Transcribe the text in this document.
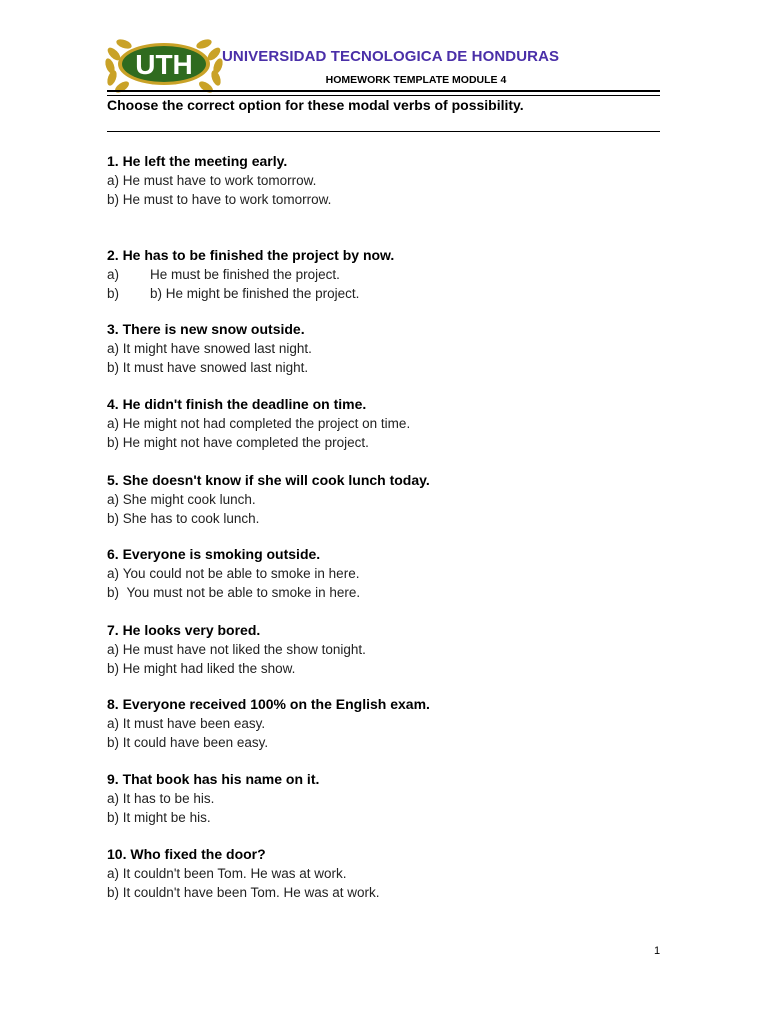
UTH UNIVERSIDAD TECNOLOGICA DE HONDURAS
HOMEWORK TEMPLATE MODULE 4
Choose the correct option for these modal verbs of possibility.
1. He left the meeting early.
a) He must have to work tomorrow.
b) He must to have to work tomorrow.
2. He has to be finished the project by now.
a) He must be finished the project.
b) b) He might be finished the project.
3. There is new snow outside.
a) It might have snowed last night.
b) It must have snowed last night.
4. He didn't finish the deadline on time.
a) He might not had completed the project on time.
b) He might not have completed the project.
5. She doesn't know if she will cook lunch today.
a) She might cook lunch.
b) She has to cook lunch.
6. Everyone is smoking outside.
a) You could not be able to smoke in here.
b) You must not be able to smoke in here.
7. He looks very bored.
a) He must have not liked the show tonight.
b) He might had liked the show.
8. Everyone received 100% on the English exam.
a) It must have been easy.
b) It could have been easy.
9. That book has his name on it.
a) It has to be his.
b) It might be his.
10. Who fixed the door?
a) It couldn't been Tom. He was at work.
b) It couldn't have been Tom. He was at work.
1
